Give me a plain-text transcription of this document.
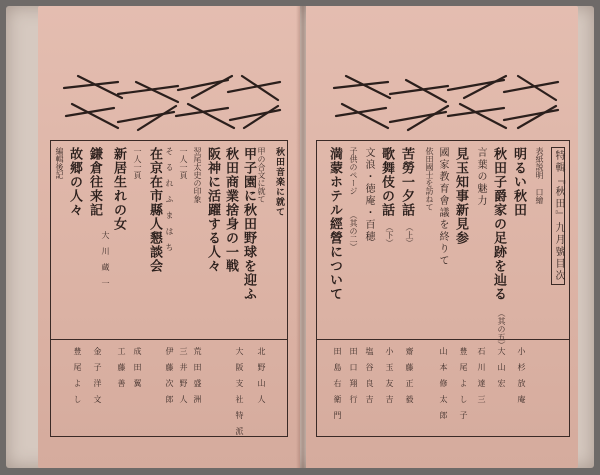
秋田音楽に就て
甲の合文に就て
甲子園に秋田野球を迎ふ
北　野　山　人
秋田商業捨身の一戦
大　阪　支　社　特　派
阪神に活躍する人々
翌尾太史の印象
荒　田　盛　洲
一人一頁
三　井　野　人
そ　る　れ　ふ　ま　は　ち
在京在市縣人懇談会
伊　藤　次　郎
一人一頁
成　田　翼
新居生れの女
大　川　蔵　一
工　藤　善
鎌倉往来記
金　子　洋　文
故郷の人々
豊　尾　よ　し
編輯後記	特輯『秋田』九月號目次
表紙説明 口繪
明るい秋田
小　杉　放　庵
秋田子爵家の足跡を辿る
（其の五）
大　山　宏
言葉の魅力
石　川　達　三
見玉知事新見参
豊　尾　よ　し　子
國家教育會議を終りて
依田國士を訪ねて
山　本　修　太　郎
苦勞一夕話
（上）
齋　藤　正　毅
歌舞伎の話
（下）
小　玉　友　吉
文浪・徳庵・百穂
塩　谷　良　吉
子供のページ
（其の二）
田　口　翔　行
満蒙ホテル經營について
田　島　右　衛　門
